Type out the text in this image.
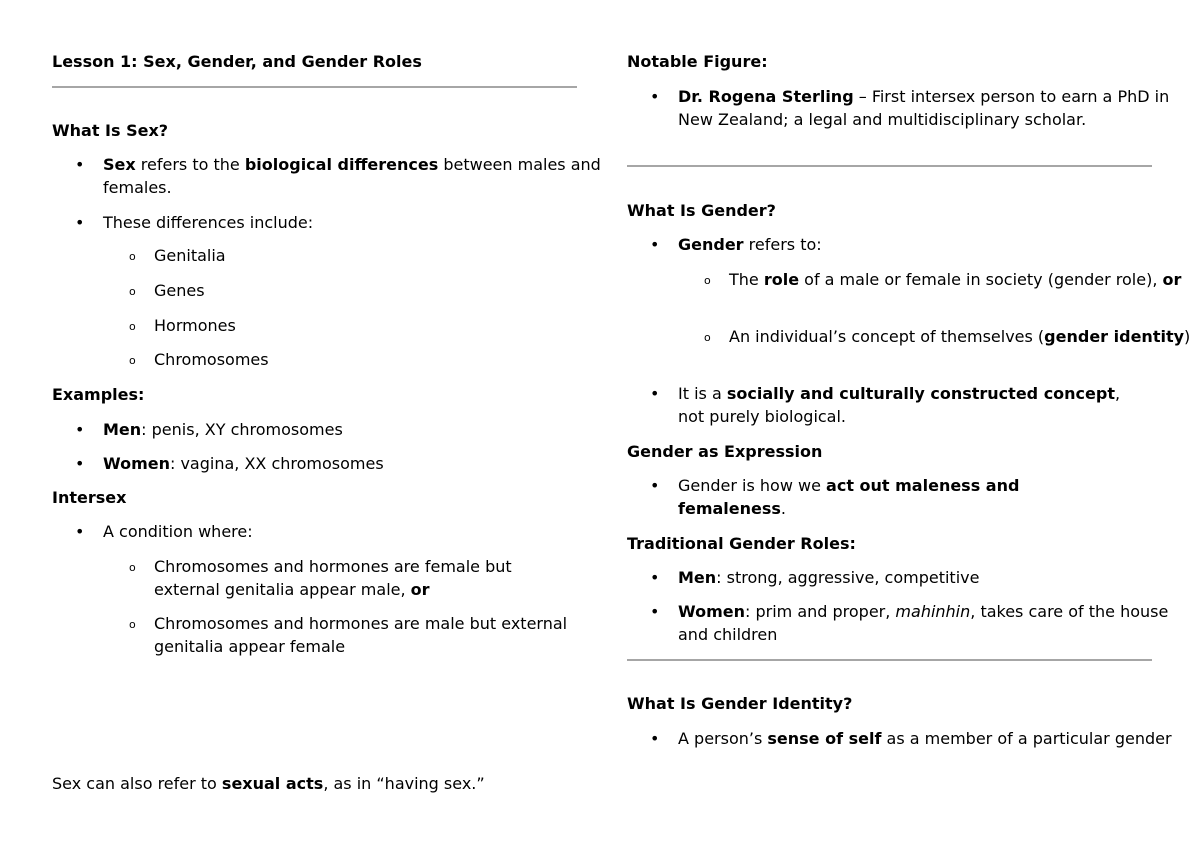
Lesson 1: Sex, Gender, and Gender Roles

What Is Sex?

• Sex refers to the biological differences between males and females.

• These differences include:

o Genitalia

o Genes

o Hormones

o Chromosomes

Examples:

• Men: penis, XY chromosomes

• Women: vagina, XX chromosomes

Intersex

• A condition where:

o Chromosomes and hormones are female but external genitalia appear male, or

o Chromosomes and hormones are male but external genitalia appear female

Sex can also refer to sexual acts, as in “having sex.”

Notable Figure:

• Dr. Rogena Sterling – First intersex person to earn a PhD in New Zealand; a legal and multidisciplinary scholar.

What Is Gender?

• Gender refers to:

o The role of a male or female in society (gender role), or

o An individual’s concept of themselves (gender identity)

• It is a socially and culturally constructed concept, not purely biological.

Gender as Expression

• Gender is how we act out maleness and femaleness.

Traditional Gender Roles:

• Men: strong, aggressive, competitive

• Women: prim and proper, mahinhin, takes care of the house and children

What Is Gender Identity?

• A person’s sense of self as a member of a particular gender
